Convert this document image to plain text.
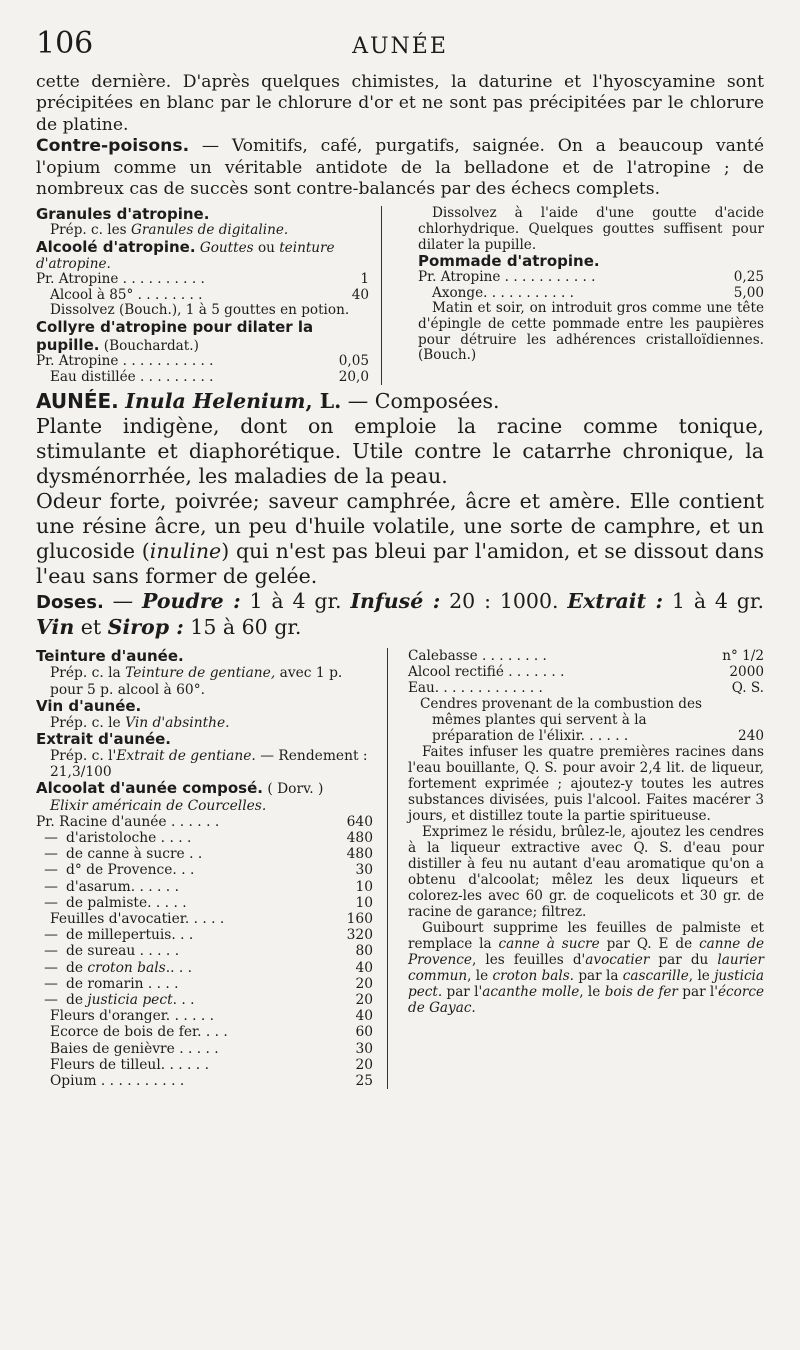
106	AUNÉE

cette dernière. D'après quelques chimistes, la daturine et l'hyoscyamine sont précipitées en blanc par le chlorure d'or et ne sont pas précipitées par le chlorure de platine.

Contre-poisons. — Vomitifs, café, purgatifs, saignée. On a beaucoup vanté l'opium comme un véritable antidote de la belladone et de l'atropine ; de nombreux cas de succès sont contre-balancés par des échecs complets.

Granules d'atropine.
Prép. c. les Granules de digitaline.
Alcoolé d'atropine. Gouttes ou teinture d'atropine.
Pr. Atropine . . . . . . . . . .	1
Alcool à 85° . . . . . . . .	40
Dissolvez (Bouch.), 1 à 5 gouttes en potion.
Collyre d'atropine pour dilater la pupille. (Bouchardat.)
Pr. Atropine . . . . . . . . . . .	0,05
Eau distillée . . . . . . . . .	20,0
Dissolvez à l'aide d'une goutte d'acide chlorhydrique. Quelques gouttes suffisent pour dilater la pupille.
Pommade d'atropine.
Pr. Atropine . . . . . . . . . . .	0,25
Axonge. . . . . . . . . . .	5,00
Matin et soir, on introduit gros comme une tête d'épingle de cette pommade entre les paupières pour détruire les adhérences cristalloïdiennes. (Bouch.)

AUNÉE. Inula Helenium, L. — Composées.

Plante indigène, dont on emploie la racine comme tonique, stimulante et diaphorétique. Utile contre le catarrhe chronique, la dysménorrhée, les maladies de la peau.

Odeur forte, poivrée; saveur camphrée, âcre et amère. Elle contient une résine âcre, un peu d'huile volatile, une sorte de camphre, et un glucoside (inuline) qui n'est pas bleui par l'amidon, et se dissout dans l'eau sans former de gelée.

Doses. — Poudre : 1 à 4 gr. Infusé : 20 : 1000. Extrait : 1 à 4 gr. Vin et Sirop : 15 à 60 gr.

Teinture d'aunée.
Prép. c. la Teinture de gentiane, avec 1 p. pour 5 p. alcool à 60°.
Vin d'aunée.
Prép. c. le Vin d'absinthe.
Extrait d'aunée.
Prép. c. l'Extrait de gentiane. — Rendement : 21,3/100
Alcoolat d'aunée composé. ( Dorv. )
Elixir américain de Courcelles.
Pr. Racine d'aunée . . . . . .	640
— d'aristoloche . . . .	480
— de canne à sucre . .	480
— d° de Provence. . .	30
— d'asarum. . . . . .	10
— de palmiste. . . . .	10
Feuilles d'avocatier. . . . .	160
— de millepertuis. . .	320
— de sureau . . . . .	80
— de croton bals.. . .	40
— de romarin . . . .	20
— de justicia pect. . .	20
Fleurs d'oranger. . . . . .	40
Ecorce de bois de fer. . . .	60
Baies de genièvre . . . . .	30
Fleurs de tilleul. . . . . .	20
Opium . . . . . . . . . .	25
Calebasse . . . . . . . .	n° 1/2
Alcool rectifié . . . . . . .	2000
Eau. . . . . . . . . . . . .	Q. S.
Cendres provenant de la combustion des mêmes plantes qui servent à la préparation de l'élixir. . . . . .	240
Faites infuser les quatre premières racines dans l'eau bouillante, Q. S. pour avoir 2,4 lit. de liqueur, fortement exprimée ; ajoutez-y toutes les autres substances divisées, puis l'alcool. Faites macérer 3 jours, et distillez toute la partie spiritueuse.
Exprimez le résidu, brûlez-le, ajoutez les cendres à la liqueur extractive avec Q. S. d'eau pour distiller à feu nu autant d'eau aromatique qu'on a obtenu d'alcoolat; mêlez les deux liqueurs et colorez-les avec 60 gr. de coquelicots et 30 gr. de racine de garance; filtrez.
Guibourt supprime les feuilles de palmiste et remplace la canne à sucre par Q. E de canne de Provence, les feuilles d'avocatier par du laurier commun, le croton bals. par la cascarille, le justicia pect. par l'acanthe molle, le bois de fer par l'écorce de Gayac.
